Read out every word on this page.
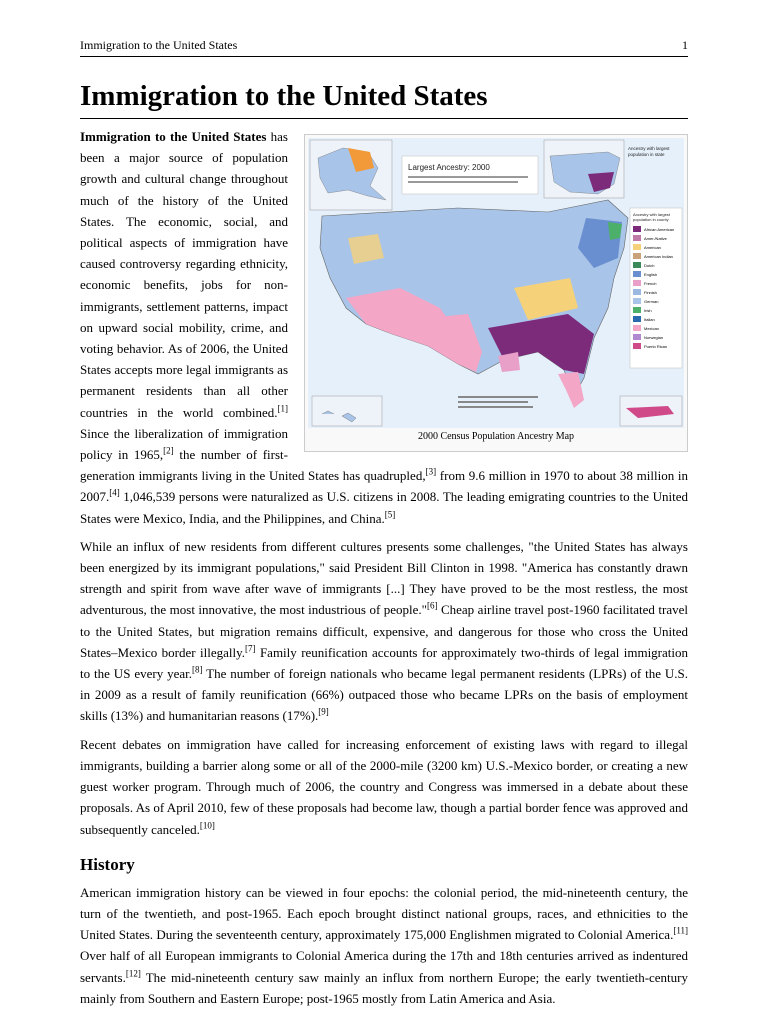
Immigration to the United States	1
Immigration to the United States
Largest Ancestry: 2000
Ancestry with largest
population in state
Ancestry with largest
population in county
African American
Amer./Native
American
American Indian
Dutch
English
French
Finnish
German
Irish
Italian
Mexican
Norwegian
Puerto Rican
2000 Census Population Ancestry Map

Immigration to the United States has been a major source of population growth and cultural change throughout much of the history of the United States. The economic, social, and political aspects of immigration have caused controversy regarding ethnicity, economic benefits, jobs for non-immigrants, settlement patterns, impact on upward social mobility, crime, and voting behavior. As of 2006, the United States accepts more legal immigrants as permanent residents than all other countries in the world combined.[1] Since the liberalization of immigration policy in 1965,[2] the number of first- generation immigrants living in the United States has quadrupled,[3] from 9.6 million in 1970 to about 38 million in 2007.[4] 1,046,539 persons were naturalized as U.S. citizens in 2008. The leading emigrating countries to the United States were Mexico, India, and the Philippines, and China.[5]

While an influx of new residents from different cultures presents some challenges, "the United States has always been energized by its immigrant populations," said President Bill Clinton in 1998. "America has constantly drawn strength and spirit from wave after wave of immigrants [...] They have proved to be the most restless, the most adventurous, the most innovative, the most industrious of people."[6] Cheap airline travel post-1960 facilitated travel to the United States, but migration remains difficult, expensive, and dangerous for those who cross the United States–Mexico border illegally.[7] Family reunification accounts for approximately two-thirds of legal immigration to the US every year.[8] The number of foreign nationals who became legal permanent residents (LPRs) of the U.S. in 2009 as a result of family reunification (66%) outpaced those who became LPRs on the basis of employment skills (13%) and humanitarian reasons (17%).[9]

Recent debates on immigration have called for increasing enforcement of existing laws with regard to illegal immigrants, building a barrier along some or all of the 2000-mile (3200 km) U.S.-Mexico border, or creating a new guest worker program. Through much of 2006, the country and Congress was immersed in a debate about these proposals. As of April 2010, few of these proposals had become law, though a partial border fence was approved and subsequently canceled.[10]

History

American immigration history can be viewed in four epochs: the colonial period, the mid-nineteenth century, the turn of the twentieth, and post-1965. Each epoch brought distinct national groups, races, and ethnicities to the United States. During the seventeenth century, approximately 175,000 Englishmen migrated to Colonial America.[11] Over half of all European immigrants to Colonial America during the 17th and 18th centuries arrived as indentured servants.[12] The mid-nineteenth century saw mainly an influx from northern Europe; the early twentieth-century mainly from Southern and Eastern Europe; post-1965 mostly from Latin America and Asia.
